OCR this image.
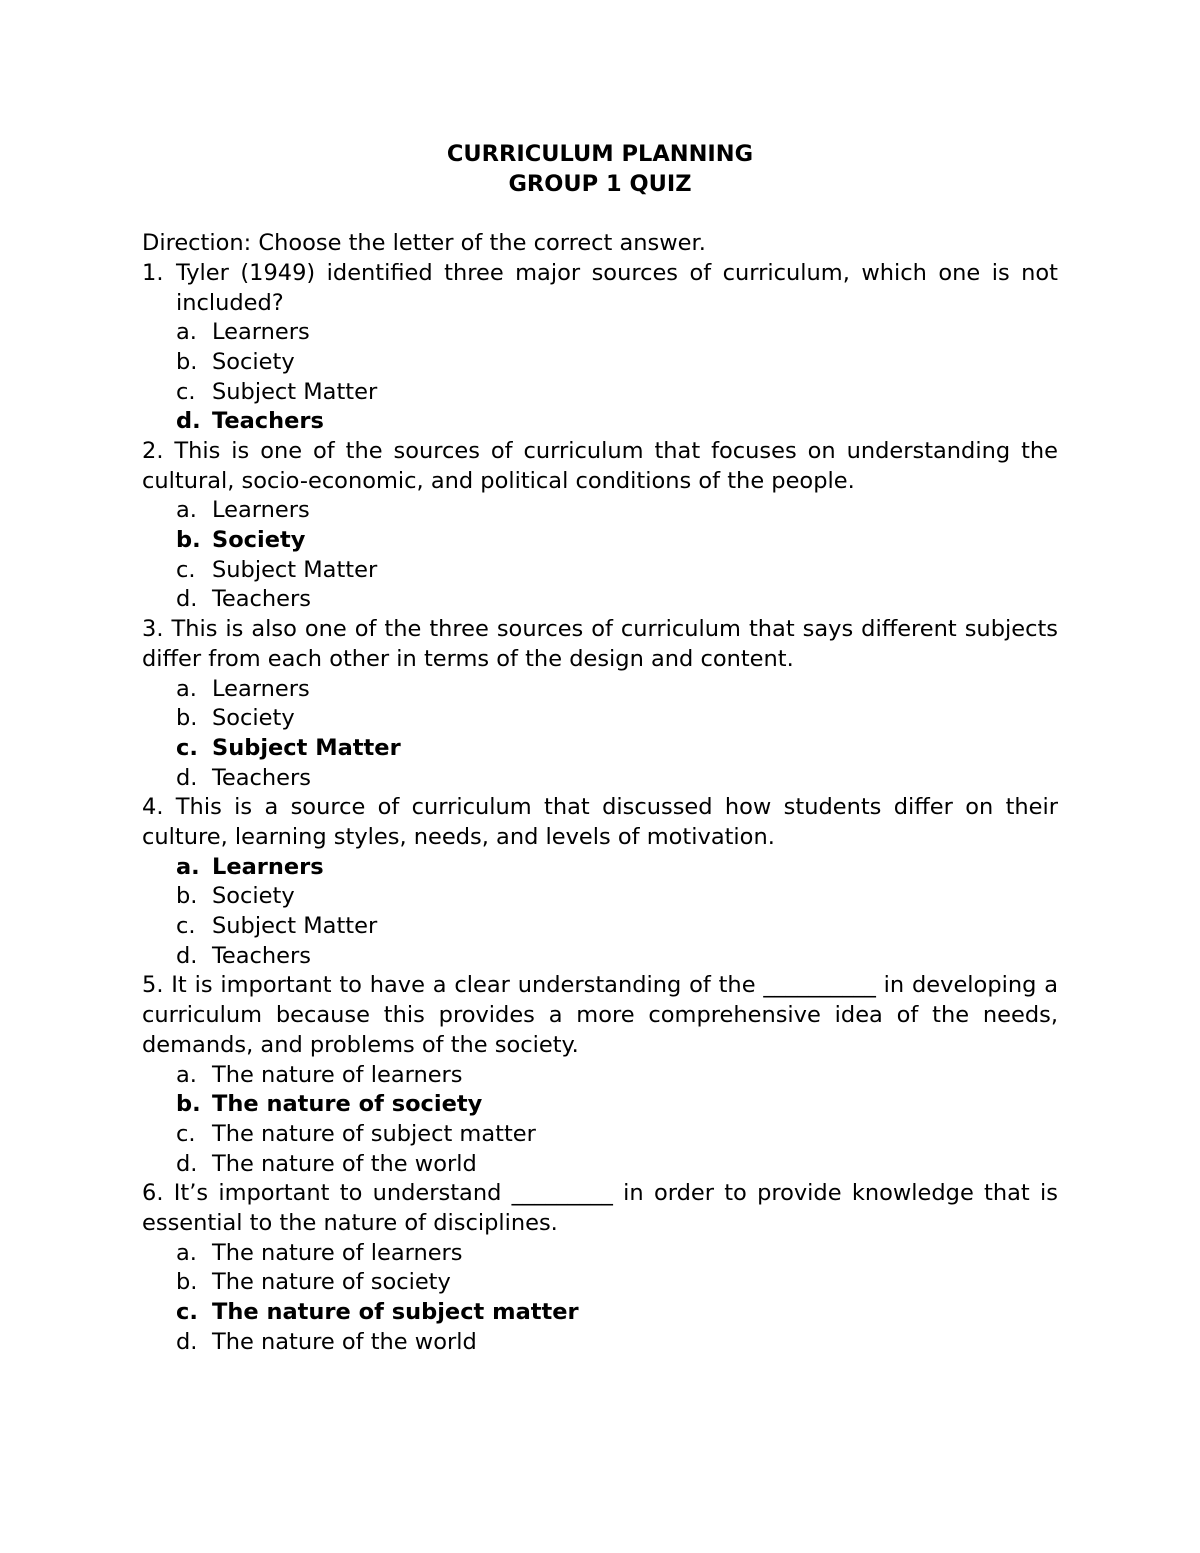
CURRICULUM PLANNING

GROUP 1 QUIZ

Direction: Choose the letter of the correct answer.

1. Tyler (1949) identified three major sources of curriculum, which one is not included?
a. Learners
b. Society
c. Subject Matter
d. Teachers

2. This is one of the sources of curriculum that focuses on understanding the cultural, socio-economic, and political conditions of the people.

a. Learners
b. Society
c. Subject Matter
d. Teachers

3. This is also one of the three sources of curriculum that says different subjects differ from each other in terms of the design and content.

a. Learners
b. Society
c. Subject Matter
d. Teachers

4. This is a source of curriculum that discussed how students differ on their culture, learning styles, needs, and levels of motivation.

a. Learners
b. Society
c. Subject Matter
d. Teachers

5. It is important to have a clear understanding of the __________ in developing a curriculum because this provides a more comprehensive idea of the needs, demands, and problems of the society.

a. The nature of learners
b. The nature of society
c. The nature of subject matter
d. The nature of the world

6. It’s important to understand _________ in order to provide knowledge that is essential to the nature of disciplines.

a. The nature of learners
b. The nature of society
c. The nature of subject matter
d. The nature of the world
